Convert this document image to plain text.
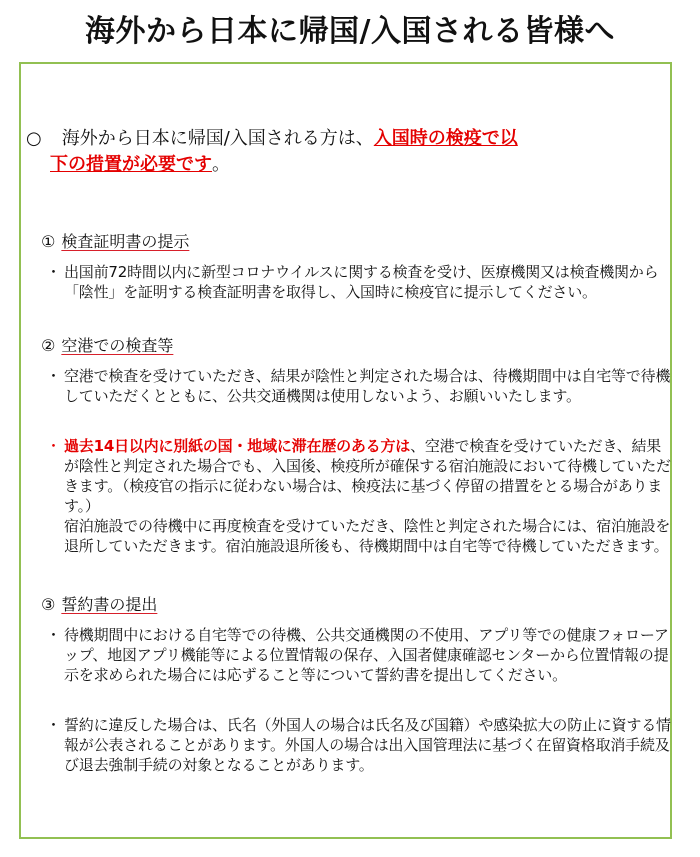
海外から日本に帰国/入国される皆様へ
○ 海外から日本に帰国/入国される方は、入国時の検疫で以
下の措置が必要です。
① 検査証明書の提示
・ 出国前72時間以内に新型コロナウイルスに関する検査を受け、医療機関又は検査機関から「陰性」を証明する検査証明書を取得し、入国時に検疫官に提示してください。
② 空港での検査等
・ 空港で検査を受けていただき、結果が陰性と判定された場合は、待機期間中は自宅等で待機していただくとともに、公共交通機関は使用しないよう、お願いいたします。
・ 過去14日以内に別紙の国・地域に滞在歴のある方は、空港で検査を受けていただき、結果が陰性と判定された場合でも、入国後、検疫所が確保する宿泊施設において待機していただきます。（検疫官の指示に従わない場合は、検疫法に基づく停留の措置をとる場合があります。）
宿泊施設での待機中に再度検査を受けていただき、陰性と判定された場合には、宿泊施設を退所していただきます。宿泊施設退所後も、待機期間中は自宅等で待機していただきます。
③ 誓約書の提出
・ 待機期間中における自宅等での待機、公共交通機関の不使用、アプリ等での健康フォローアップ、地図アプリ機能等による位置情報の保存、入国者健康確認センターから位置情報の提示を求められた場合には応ずること等について誓約書を提出してください。
・ 誓約に違反した場合は、氏名（外国人の場合は氏名及び国籍）や感染拡大の防止に資する情報が公表されることがあります。外国人の場合は出入国管理法に基づく在留資格取消手続及び退去強制手続の対象となることがあります。
